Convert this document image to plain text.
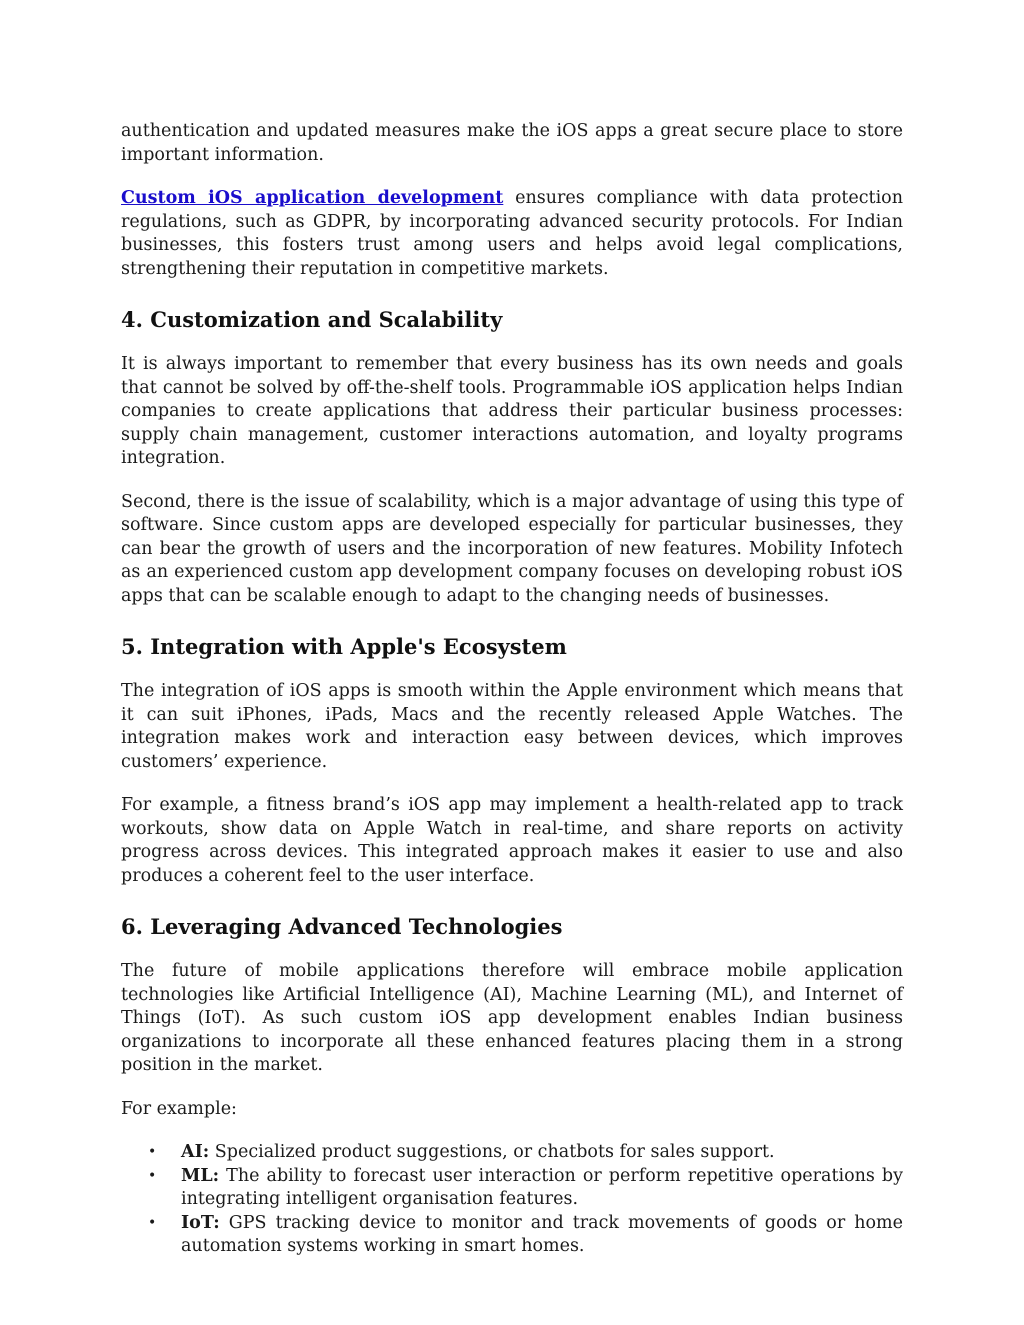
authentication and updated measures make the iOS apps a great secure place to store important information.

Custom iOS application development ensures compliance with data protection regulations, such as GDPR, by incorporating advanced security protocols. For Indian businesses, this fosters trust among users and helps avoid legal complications, strengthening their reputation in competitive markets.

4. Customization and Scalability

It is always important to remember that every business has its own needs and goals that cannot be solved by off-the-shelf tools. Programmable iOS application helps Indian companies to create applications that address their particular business processes: supply chain management, customer interactions automation, and loyalty programs integration.

Second, there is the issue of scalability, which is a major advantage of using this type of software. Since custom apps are developed especially for particular businesses, they can bear the growth of users and the incorporation of new features. Mobility Infotech as an experienced custom app development company focuses on developing robust iOS apps that can be scalable enough to adapt to the changing needs of businesses.

5. Integration with Apple's Ecosystem

The integration of iOS apps is smooth within the Apple environment which means that it can suit iPhones, iPads, Macs and the recently released Apple Watches. The integration makes work and interaction easy between devices, which improves customers’ experience.

For example, a fitness brand’s iOS app may implement a health-related app to track workouts, show data on Apple Watch in real-time, and share reports on activity progress across devices. This integrated approach makes it easier to use and also produces a coherent feel to the user interface.

6. Leveraging Advanced Technologies

The future of mobile applications therefore will embrace mobile application technologies like Artificial Intelligence (AI), Machine Learning (ML), and Internet of Things (IoT). As such custom iOS app development enables Indian business organizations to incorporate all these enhanced features placing them in a strong position in the market.

For example:

• AI: Specialized product suggestions, or chatbots for sales support.
• ML: The ability to forecast user interaction or perform repetitive operations by integrating intelligent organisation features.
• IoT: GPS tracking device to monitor and track movements of goods or home automation systems working in smart homes.
